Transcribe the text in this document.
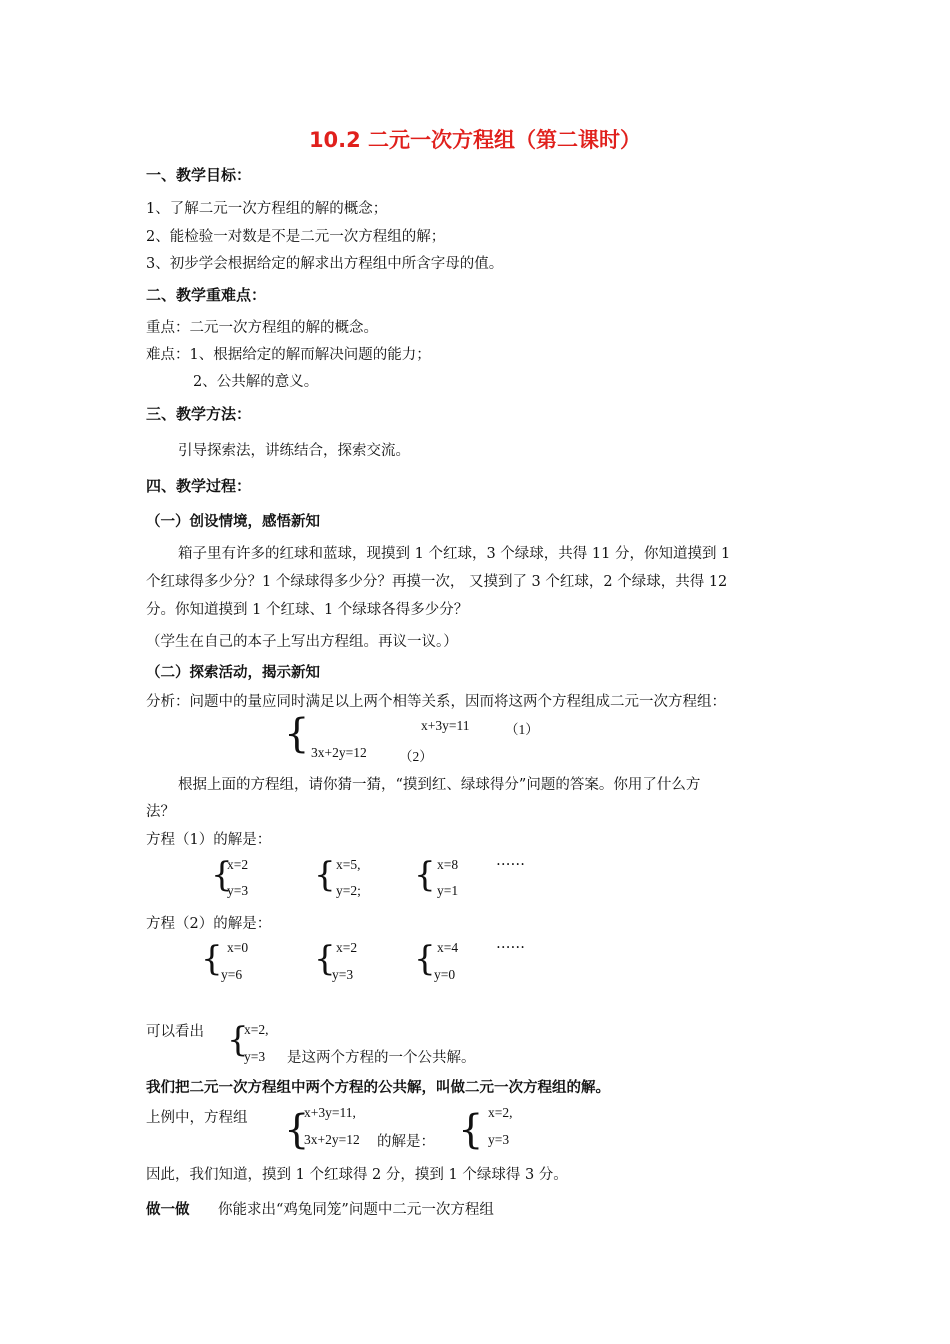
10.2 二元一次方程组（第二课时）
一、教学目标：
1、了解二元一次方程组的解的概念；
2、能检验一对数是不是二元一次方程组的解；
3、初步学会根据给定的解求出方程组中所含字母的值。
二、教学重难点：
重点：二元一次方程组的解的概念。
难点：1、根据给定的解而解决问题的能力；
2、公共解的意义。
三、教学方法：
引导探索法，讲练结合，探索交流。
四、教学过程：
（一）创设情境，感悟新知
箱子里有许多的红球和蓝球，现摸到 1 个红球，3 个绿球，共得 11 分，你知道摸到 1
个红球得多少分？1 个绿球得多少分？再摸一次， 又摸到了 3 个红球，2 个绿球，共得 12
分。你知道摸到 1 个红球、1 个绿球各得多少分？
（学生在自己的本子上写出方程组。再议一议。）
（二）探索活动，揭示新知
分析：问题中的量应同时满足以上两个相等关系，因而将这两个方程组成二元一次方程组：
{	x+3y=11	（1）
3x+2y=12 （2）
根据上面的方程组，请你猜一猜，“摸到红、绿球得分”问题的答案。你用了什么方
法？
方程（1）的解是：
{
x=2
y=3 { x=5,
y=2; { x=8
y=1
……
方程（2）的解是：
{ x=0
y=6 { x=2
y=3 { x=4
y=0
……
可以看出 {
x=2,
y=3 是这两个方程的一个公共解。
我们把二元一次方程组中两个方程的公共解，叫做二元一次方程组的解。
上例中，方程组 {
x+3y=11,
3x+2y=12 的解是： { x=2,
y=3
因此，我们知道，摸到 1 个红球得 2 分，摸到 1 个绿球得 3 分。
做一做 你能求出“鸡兔同笼”问题中二元一次方程组
